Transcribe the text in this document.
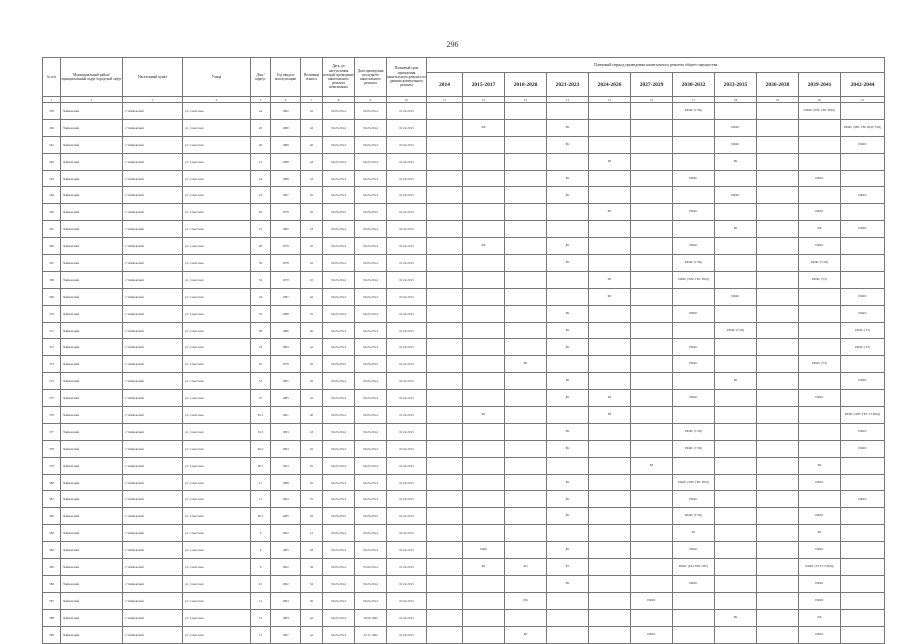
296
№ п/п	Муниципальный район/муниципальный округ/городской округ	Населенный пункт	Улица	Дом / корпус	Год ввода в эксплуатацию	Величина износа	Дата, до наступления которой проведение капитального ремонта невозможно	Дата проведения последнего капитального ремонта	Плановый срок проведения капитального ремонта по данным капитального ремонта	Плановый период проведения капитального ремонта общего имущества										
										2014	2015-2017	2018-2020	2021-2023	2024-2026	2027-2029	2030-2032	2033-2035	2036-2038	2039-2041	2042-2044
1	2	3	4	5	6	7	8	9	10	11	12	13	14	15	16	17	18	19	20	21
359	Чайковский	г. Чайковский	ул. Советская	44	1982	45	06.03.2014	06.03.2014	01.02.2015							РФФС (ТЭЦ)			РФФС (ХВС ГВС ВОД)	
360	Чайковский	г. Чайковский	ул. Советская	45	1986	42	06.03.2014	06.03.2014	01.02.2015		РФ		РК				РФФС			РФФС (ХВС ГВС ВОД ТЭЦ)
361	Чайковский	г. Чайковский	ул. Советская	49	1989	40	06.03.2014	06.03.2014	01.02.2015				РК				РФФС			РФФС
362	Чайковский	г. Чайковский	ул. Советская	21	1988	43	06.03.2014	06.03.2014	01.02.2015					РЛ			РК			
363	Чайковский	г. Чайковский	ул. Советская	24	1988	43	06.03.2014	06.03.2014	01.02.2015				РК			РФФС			РФФС	
364	Чайковский	г. Чайковский	ул. Советская	25	1987	45	06.03.2014	06.03.2014	01.02.2015				РК				РФФС			РФФС
365	Чайковский	г. Чайковский	ул. Советская	29	1978	45	06.03.2014	06.03.2014	01.02.2015					РК		РФФС			РФФС	
365	Чайковский	г. Чайковский	ул. Советская	27	1982	43	06.03.2014	06.03.2014	01.02.2015								РК		РФ	РФФС
366	Чайковский	г. Чайковский	ул. Советская	28	1979	45	06.03.2014	06.03.2014	01.02.2015		РФ		РК			РФФС			РФФС	
367	Чайковский	г. Чайковский	ул. Советская	30	1978	45	06.03.2014	06.03.2014	01.02.2015				РК			РФФС (ТЭЦ)			РФФС (ТЭЦ)	
368	Чайковский	г. Чайковский	ул. Советская	32	1978	45	06.03.2014	06.03.2014	01.02.2015					РК		РФФС (ХВС ГВС ВОД)			РФФС (ТЭ)	
369	Чайковский	г. Чайковский	ул. Советская	34	1987	42	06.03.2014	06.03.2014	01.02.2015					РК			РФФС			РФФС
370	Чайковский	г. Чайковский	ул. Советская	35	1988	35	06.03.2014	06.03.2014	01.02.2015				РК			РФФС				РФФС
371	Чайковский	г. Чайковский	ул. Советская	38	1986	40	06.03.2014	06.03.2014	01.02.2015				РК				РФФС (ТЭЦ)			РФФС (ТЭ)
372	Чайковский	г. Чайковский	ул. Советская	43	1984	42	06.03.2014	06.03.2014	01.02.2015				РК			РФФС				РФФС (ТЭ)
373	Чайковский	г. Чайковский	ул. Советская	45	1978	45	06.03.2014	06.03.2014	01.02.2015			РК				РФФС			РФФС (ТЭ)	
374	Чайковский	г. Чайковский	ул. Советская	53	1987	42	06.03.2014	06.03.2014	01.02.2015				РК				РК			РФФС
375	Чайковский	г. Чайковский	ул. Советская	55	1985	42	06.03.2014	06.03.2014	01.02.2015				РК	РЛ		РФФС			РФФС	
376	Чайковский	г. Чайковский	ул. Советская	65.1	1991	40	06.03.2014	06.03.2014	01.02.2015		РК			РЛ						РФФС (ХВС ГВС ТЭ ВОД)
377	Чайковский	г. Чайковский	ул. Советская	65.3	1993	43	06.03.2014	06.03.2014	01.02.2015				РК			РФФС (ТЭЦ)				РФФС
378	Чайковский	г. Чайковский	ул. Советская	96.2	1993	45	06.03.2014	06.03.2014	01.02.2015				РК			РФФС (ТЭЦ)				РФФС
379	Чайковский	г. Чайковский	ул. Советская	98.1	1993	45	06.03.2014	06.03.2014	01.02.2015						РЛ				РК	
380	Чайковский	г. Чайковский	ул. Советская	2.1	1988	45	06.03.2014	06.03.2014	01.02.2015				РК			РФФС (ХВС ГВС ВОД)			РФФС	
381	Чайковский	г. Чайковский	ул. Советская	11	1994	35	06.03.2014	06.03.2014	01.02.2015				РК			РФФС				РФФС
382	Чайковский	г. Чайковский	ул. Советская	90.2	1985	43	06.03.2014	06.03.2014	01.02.2015				РК			РФФС (ТЭЦ)			РФФС	
383	Чайковский	г. Чайковский	ул. Советская	3	2002	12	06.03.2014	06.03.2014	01.02.2015							РЛ			РК	
384	Чайковский	г. Чайковский	ул. Советская	6	1995	28	06.03.2014	06.03.2014	01.02.2015		РФФ		РК			РФФС			РФФС	
385	Чайковский	г. Чайковский	ул. Советская	9	1962	36	06.03.2014	05.02.2014	01.02.2015		РЛ	КО	РУ			РФФС (ГАЗ ХВС ГВС)			РФФС (ТЭ ГТЭ ВОД)	
386	Чайковский	г. Чайковский	ул. Советская	10	1992	34	06.03.2014	06.03.2014	01.02.2015				РК			РФФС			РФФС	
387	Чайковский	г. Чайковский	ул. Советская	12	1993	36	06.03.2014	06.03.2014	01.02.2015			РФ			РФФС				РФФС	
388	Чайковский	г. Чайковский	ул. Советская	13	1984	42	06.03.2014	19.09.1992	01.02.2015								РК		РФ	
389	Чайковский	г. Чайковский	ул. Советская	13	1987	42	06.03.2014	23.11.1992	01.02.2015			РК			РФФС				РФФС	
